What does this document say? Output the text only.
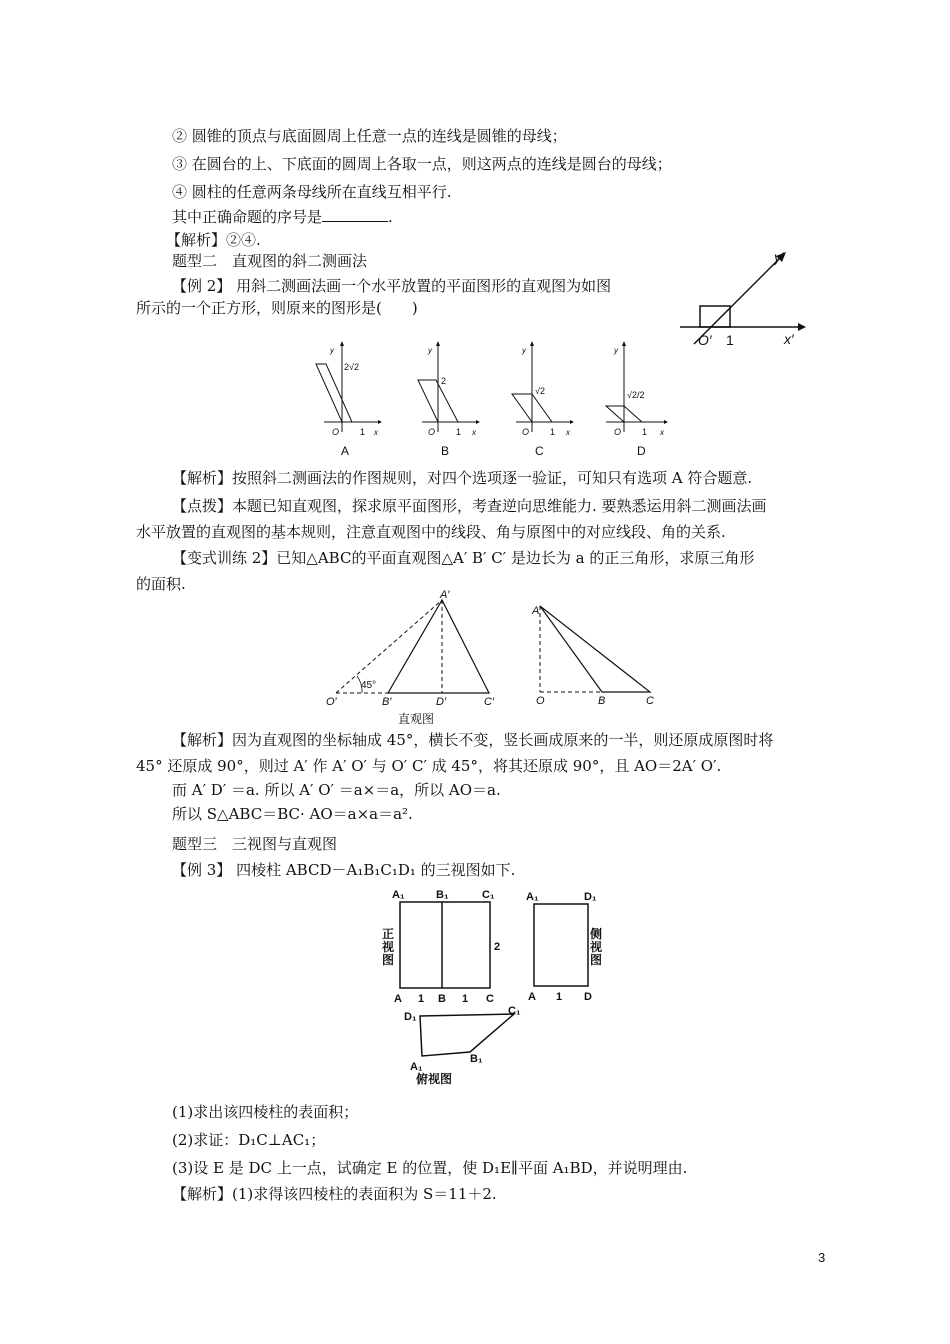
② 圆锥的顶点与底面圆周上任意一点的连线是圆锥的母线；
③ 在圆台的上、下底面的圆周上各取一点，则这两点的连线是圆台的母线；
④ 圆柱的任意两条母线所在直线互相平行.
其中正确命题的序号是	.
【解析】②④.
题型二　直观图的斜二测画法
【例 2】 用斜二测画法画一个水平放置的平面图形的直观图为如图
所示的一个正方形，则原来的图形是(　　)
y′
x′
O′ 1
y
2√2
O 1 x
A
y
2
O 1 x
B
y
√2
O 1 x
C
y
√2/2
O 1 x
D
【解析】按照斜二测画法的作图规则，对四个选项逐一验证，可知只有选项 A 符合题意.
【点拨】本题已知直观图，探求原平面图形，考查逆向思维能力. 要熟悉运用斜二测画法画
水平放置的直观图的基本规则，注意直观图中的线段、角与原图中的对应线段、角的关系.
【变式训练 2】已知△ABC的平面直观图△A′ B′ C′ 是边长为 a 的正三角形，求原三角形
的面积.
A′
O′	B′	D′	C′
45°
直观图
A
O	B	C
【解析】因为直观图的坐标轴成 45°，横长不变，竖长画成原来的一半，则还原成原图时将
45° 还原成 90°，则过 A′ 作 A′ O′ 与 O′ C′ 成 45°，将其还原成 90°，且 AO＝2A′ O′.
而 A′ D′ ＝a. 所以 A′ O′ ＝a×＝a，所以 AO＝a.
所以 S△ABC＝BC· AO＝a×a＝a².
题型三　三视图与直观图
【例 3】 四棱柱 ABCD－A₁B₁C₁D₁ 的三视图如下.
A₁	B₁	C₁
A	B	C
1	1
2
正视图
A₁	D₁
A	D
1
侧视图
D₁	C₁
A₁
B₁
俯视图
(1)求出该四棱柱的表面积；
(2)求证：D₁C⊥AC₁；
(3)设 E 是 DC 上一点，试确定 E 的位置，使 D₁E∥平面 A₁BD，并说明理由.
【解析】(1)求得该四棱柱的表面积为 S＝11＋2.
3
